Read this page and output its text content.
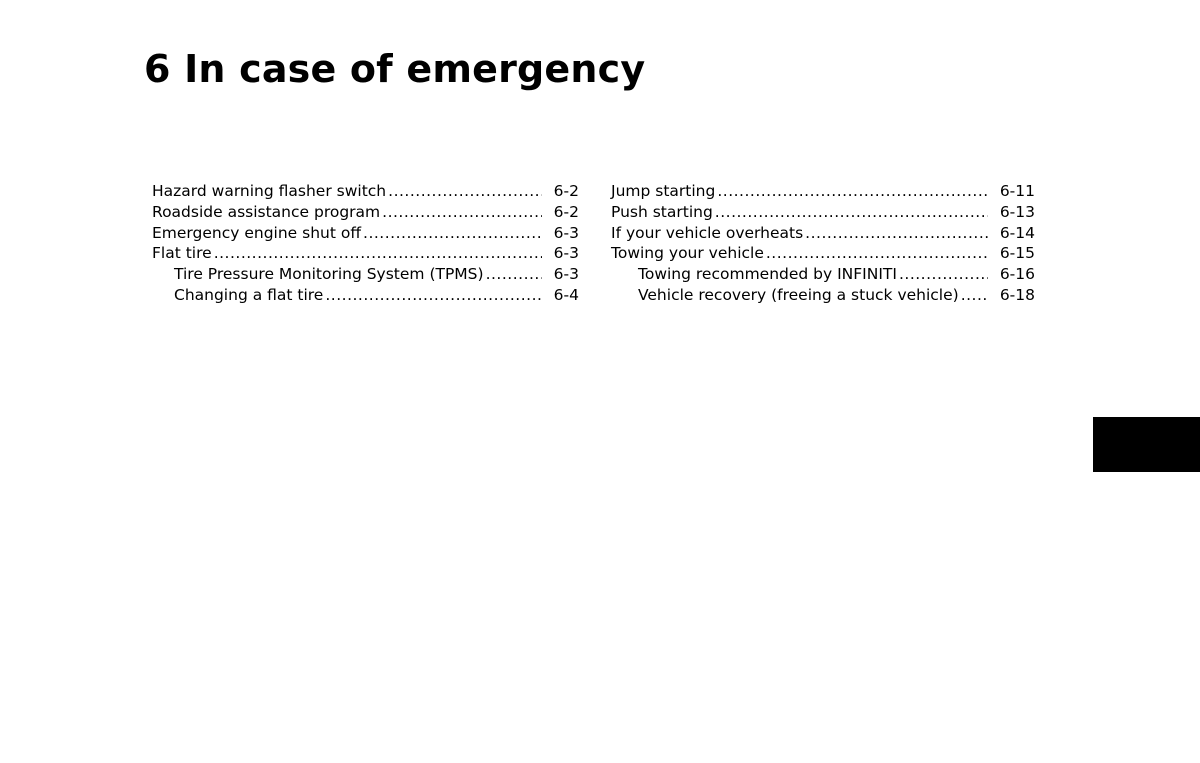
6 In case of emergency
Hazard warning flasher switch .....	6-2
Roadside assistance program .....	6-2
Emergency engine shut off .....	6-3
Flat tire .....	6-3
Tire Pressure Monitoring System (TPMS) .....	6-3
Changing a flat tire .....	6-4
Jump starting .....	6-11
Push starting .....	6-13
If your vehicle overheats .....	6-14
Towing your vehicle .....	6-15
Towing recommended by INFINITI .....	6-16
Vehicle recovery (freeing a stuck vehicle) .....	6-18
